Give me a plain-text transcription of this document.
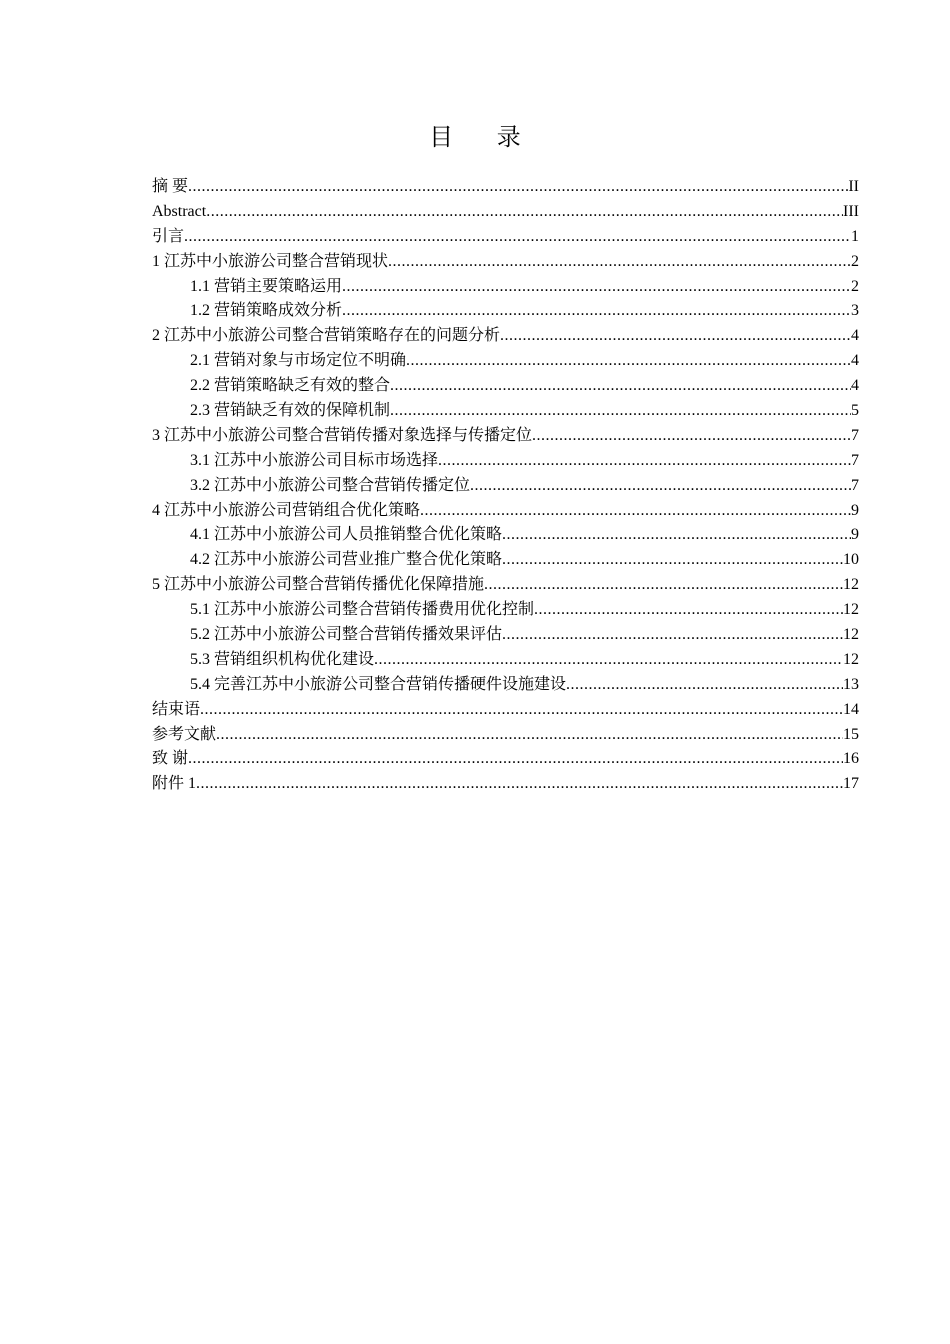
目 录
摘 要 .....	II
Abstract .....	III
引言 .....	1
1 江苏中小旅游公司整合营销现状 .....	2
1.1 营销主要策略运用 .....	2
1.2 营销策略成效分析 .....	3
2 江苏中小旅游公司整合营销策略存在的问题分析 .....	4
2.1 营销对象与市场定位不明确 .....	4
2.2 营销策略缺乏有效的整合 .....	4
2.3 营销缺乏有效的保障机制 .....	5
3 江苏中小旅游公司整合营销传播对象选择与传播定位 .....	7
3.1 江苏中小旅游公司目标市场选择 .....	7
3.2 江苏中小旅游公司整合营销传播定位 .....	7
4 江苏中小旅游公司营销组合优化策略 .....	9
4.1 江苏中小旅游公司人员推销整合优化策略 .....	9
4.2 江苏中小旅游公司营业推广整合优化策略 .....	10
5 江苏中小旅游公司整合营销传播优化保障措施 .....	12
5.1 江苏中小旅游公司整合营销传播费用优化控制 .....	12
5.2 江苏中小旅游公司整合营销传播效果评估 .....	12
5.3 营销组织机构优化建设 .....	12
5.4 完善江苏中小旅游公司整合营销传播硬件设施建设 .....	13
结束语 .....	14
参考文献 .....	15
致 谢 .....	16
附件 1 .....	17
